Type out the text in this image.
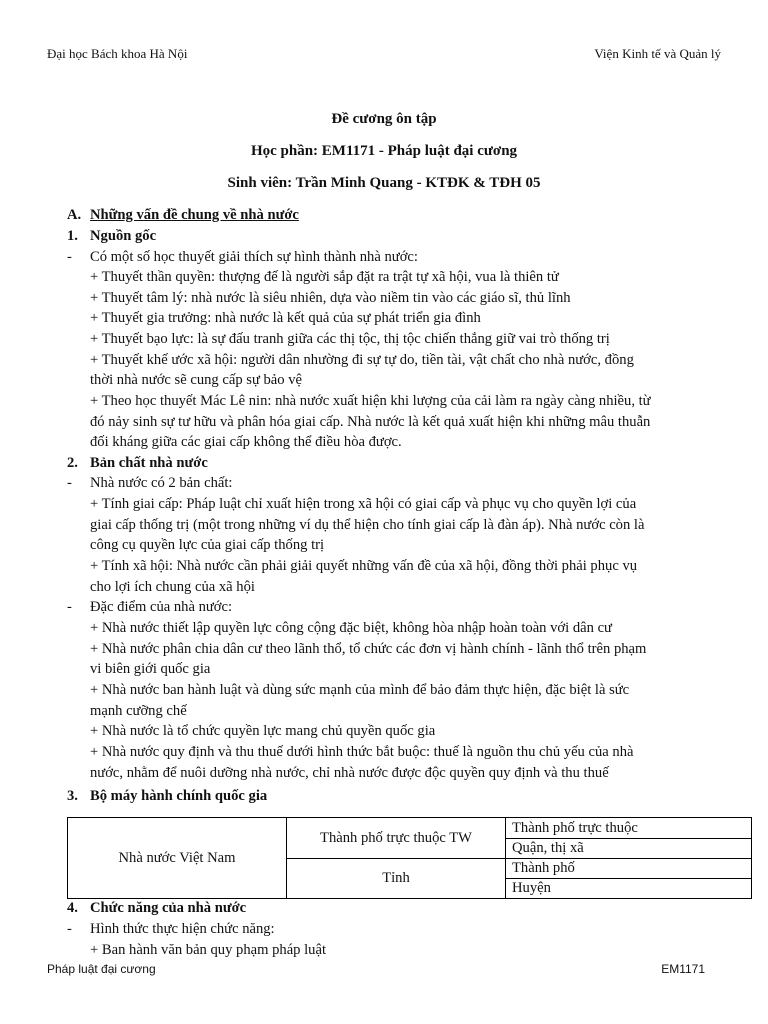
Đại học Bách khoa Hà Nội	Viện Kinh tế và Quản lý
Đề cương ôn tập
Học phần: EM1171 - Pháp luật đại cương
Sinh viên: Trần Minh Quang - KTĐK & TĐH 05
A. Những vấn đề chung về nhà nước
1. Nguồn gốc
- Có một số học thuyết giải thích sự hình thành nhà nước:
+ Thuyết thần quyền: thượng đế là người sắp đặt ra trật tự xã hội, vua là thiên tử
+ Thuyết tâm lý: nhà nước là siêu nhiên, dựa vào niềm tin vào các giáo sĩ, thủ lĩnh
+ Thuyết gia trưởng: nhà nước là kết quả của sự phát triển gia đình
+ Thuyết bạo lực: là sự đấu tranh giữa các thị tộc, thị tộc chiến thắng giữ vai trò thống trị
+ Thuyết khế ước xã hội: người dân nhường đi sự tự do, tiền tài, vật chất cho nhà nước, đồng
thời nhà nước sẽ cung cấp sự bảo vệ
+ Theo học thuyết Mác Lê nin: nhà nước xuất hiện khi lượng của cải làm ra ngày càng nhiều, từ
đó nảy sinh sự tư hữu và phân hóa giai cấp. Nhà nước là kết quả xuất hiện khi những mâu thuẫn
đối kháng giữa các giai cấp không thể điều hòa được.
2. Bản chất nhà nước
- Nhà nước có 2 bản chất:
+ Tính giai cấp: Pháp luật chỉ xuất hiện trong xã hội có giai cấp và phục vụ cho quyền lợi của
giai cấp thống trị (một trong những ví dụ thể hiện cho tính giai cấp là đàn áp). Nhà nước còn là
công cụ quyền lực của giai cấp thống trị
+ Tính xã hội: Nhà nước cần phải giải quyết những vấn đề của xã hội, đồng thời phải phục vụ
cho lợi ích chung của xã hội
- Đặc điểm của nhà nước:
+ Nhà nước thiết lập quyền lực công cộng đặc biệt, không hòa nhập hoàn toàn với dân cư
+ Nhà nước phân chia dân cư theo lãnh thổ, tổ chức các đơn vị hành chính - lãnh thổ trên phạm
vi biên giới quốc gia
+ Nhà nước ban hành luật và dùng sức mạnh của mình để bảo đảm thực hiện, đặc biệt là sức
mạnh cưỡng chế
+ Nhà nước là tổ chức quyền lực mang chủ quyền quốc gia
+ Nhà nước quy định và thu thuế dưới hình thức bắt buộc: thuế là nguồn thu chủ yếu của nhà
nước, nhằm để nuôi dưỡng nhà nước, chỉ nhà nước được độc quyền quy định và thu thuế
3. Bộ máy hành chính quốc gia
Nhà nước Việt Nam	Thành phố trực thuộc TW	Thành phố trực thuộc
		Quận, thị xã
	Tỉnh	Thành phố
		Huyện
4. Chức năng của nhà nước
- Hình thức thực hiện chức năng:
+ Ban hành văn bản quy phạm pháp luật
Pháp luật đại cương	EM1171
